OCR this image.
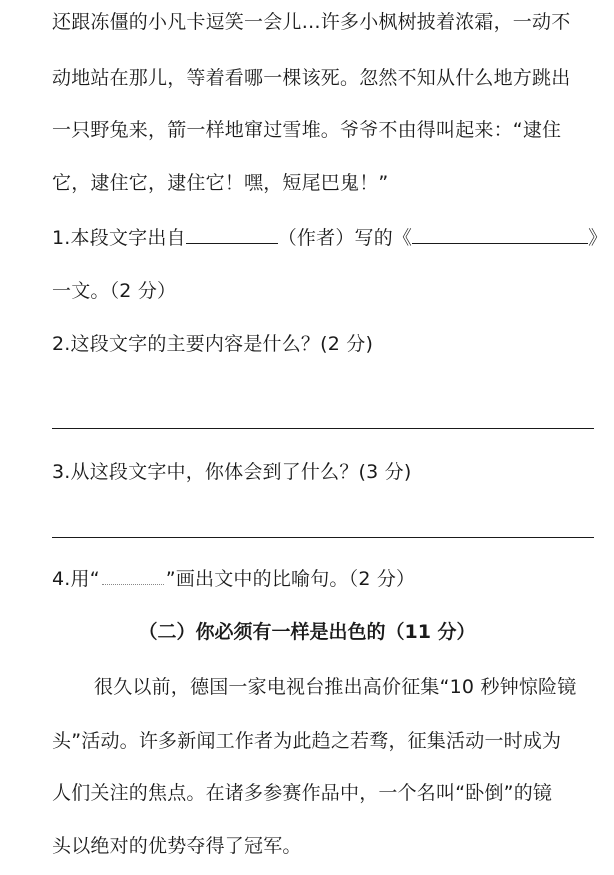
还跟冻僵的小凡卡逗笑一会儿…许多小枫树披着浓霜，一动不
动地站在那儿，等着看哪一棵该死。忽然不知从什么地方跳出
一只野兔来，箭一样地窜过雪堆。爷爷不由得叫起来：“逮住
它，逮住它，逮住它！嘿，短尾巴鬼！”
1.本段文字出自	（作者）写的《	》
一文。（2 分）
2.这段文字的主要内容是什么？(2 分)
3.从这段文字中，你体会到了什么？(3 分)
4.用“	”画出文中的比喻句。（2 分）
（二）你必须有一样是出色的（11 分）
很久以前，德国一家电视台推出高价征集“10 秒钟惊险镜
头”活动。许多新闻工作者为此趋之若骛，征集活动一时成为
人们关注的焦点。在诸多参赛作品中，一个名叫“卧倒”的镜
头以绝对的优势夺得了冠军。
